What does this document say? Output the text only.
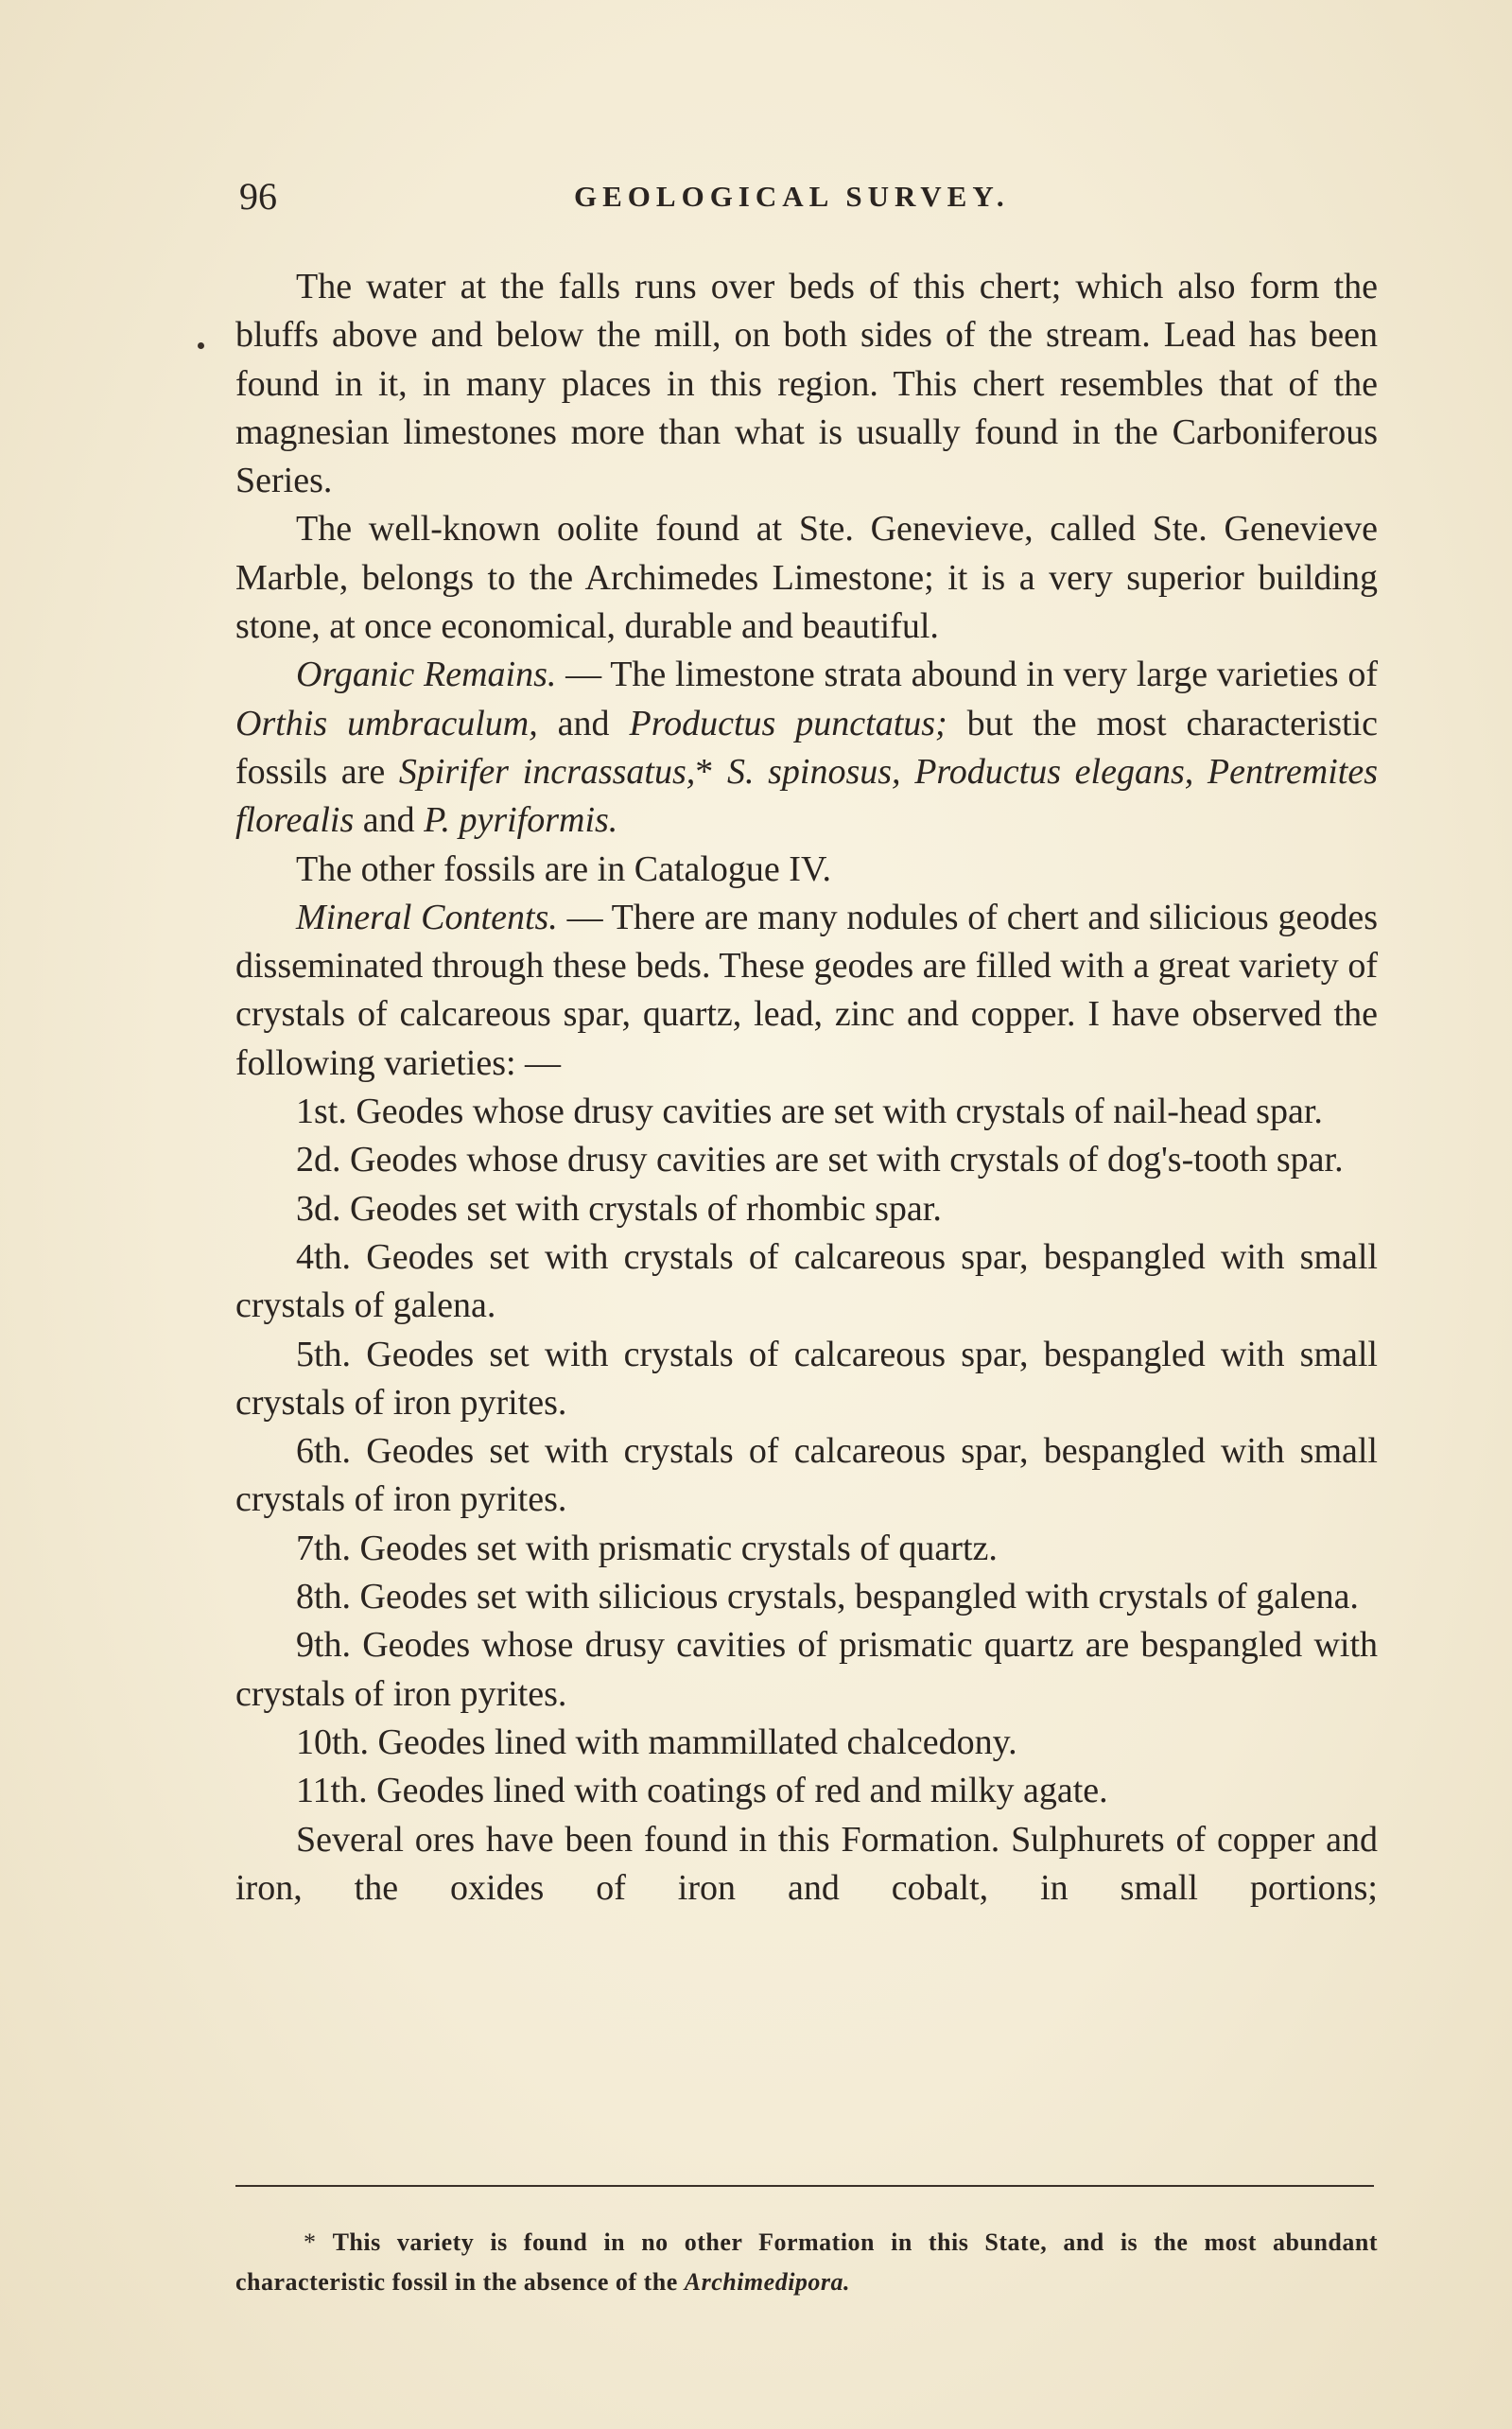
96	GEOLOGICAL SURVEY.

The water at the falls runs over beds of this chert; which also form the bluffs above and below the mill, on both sides of the stream. Lead has been found in it, in many places in this region. This chert resembles that of the magnesian limestones more than what is usually found in the Carboniferous Series.

The well-known oolite found at Ste. Genevieve, called Ste. Genevieve Marble, belongs to the Archimedes Limestone; it is a very superior building stone, at once economical, durable and beautiful.

Organic Remains. — The limestone strata abound in very large varieties of Orthis umbraculum, and Productus punctatus; but the most characteristic fossils are Spirifer incrassatus,* S. spinosus, Productus elegans, Pentremites florealis and P. pyriformis.

The other fossils are in Catalogue IV.

Mineral Contents. — There are many nodules of chert and silicious geodes disseminated through these beds. These geodes are filled with a great variety of crystals of calcareous spar, quartz, lead, zinc and copper. I have observed the following varieties: —

1st. Geodes whose drusy cavities are set with crystals of nail-head spar.

2d. Geodes whose drusy cavities are set with crystals of dog's-tooth spar.

3d. Geodes set with crystals of rhombic spar.

4th. Geodes set with crystals of calcareous spar, bespangled with small crystals of galena.

5th. Geodes set with crystals of calcareous spar, bespangled with small crystals of iron pyrites.

6th. Geodes set with crystals of calcareous spar, bespangled with small crystals of iron pyrites.

7th. Geodes set with prismatic crystals of quartz.

8th. Geodes set with silicious crystals, bespangled with crystals of galena.

9th. Geodes whose drusy cavities of prismatic quartz are bespangled with crystals of iron pyrites.

10th. Geodes lined with mammillated chalcedony.

11th. Geodes lined with coatings of red and milky agate.

Several ores have been found in this Formation. Sulphurets of copper and iron, the oxides of iron and cobalt, in small portions;

* This variety is found in no other Formation in this State, and is the most abundant characteristic fossil in the absence of the Archimedipora.
